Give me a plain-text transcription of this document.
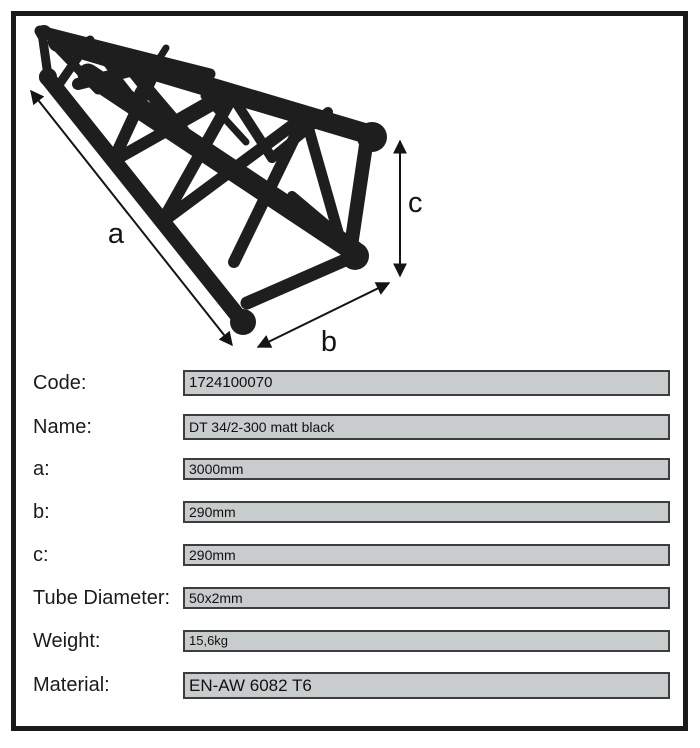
a
b
c
Code:	1724100070
Name:	DT 34/2-300 matt black
a:	3000mm
b:	290mm
c:	290mm
Tube Diameter:	50x2mm
Weight:	15,6kg
Material:	EN-AW 6082 T6
